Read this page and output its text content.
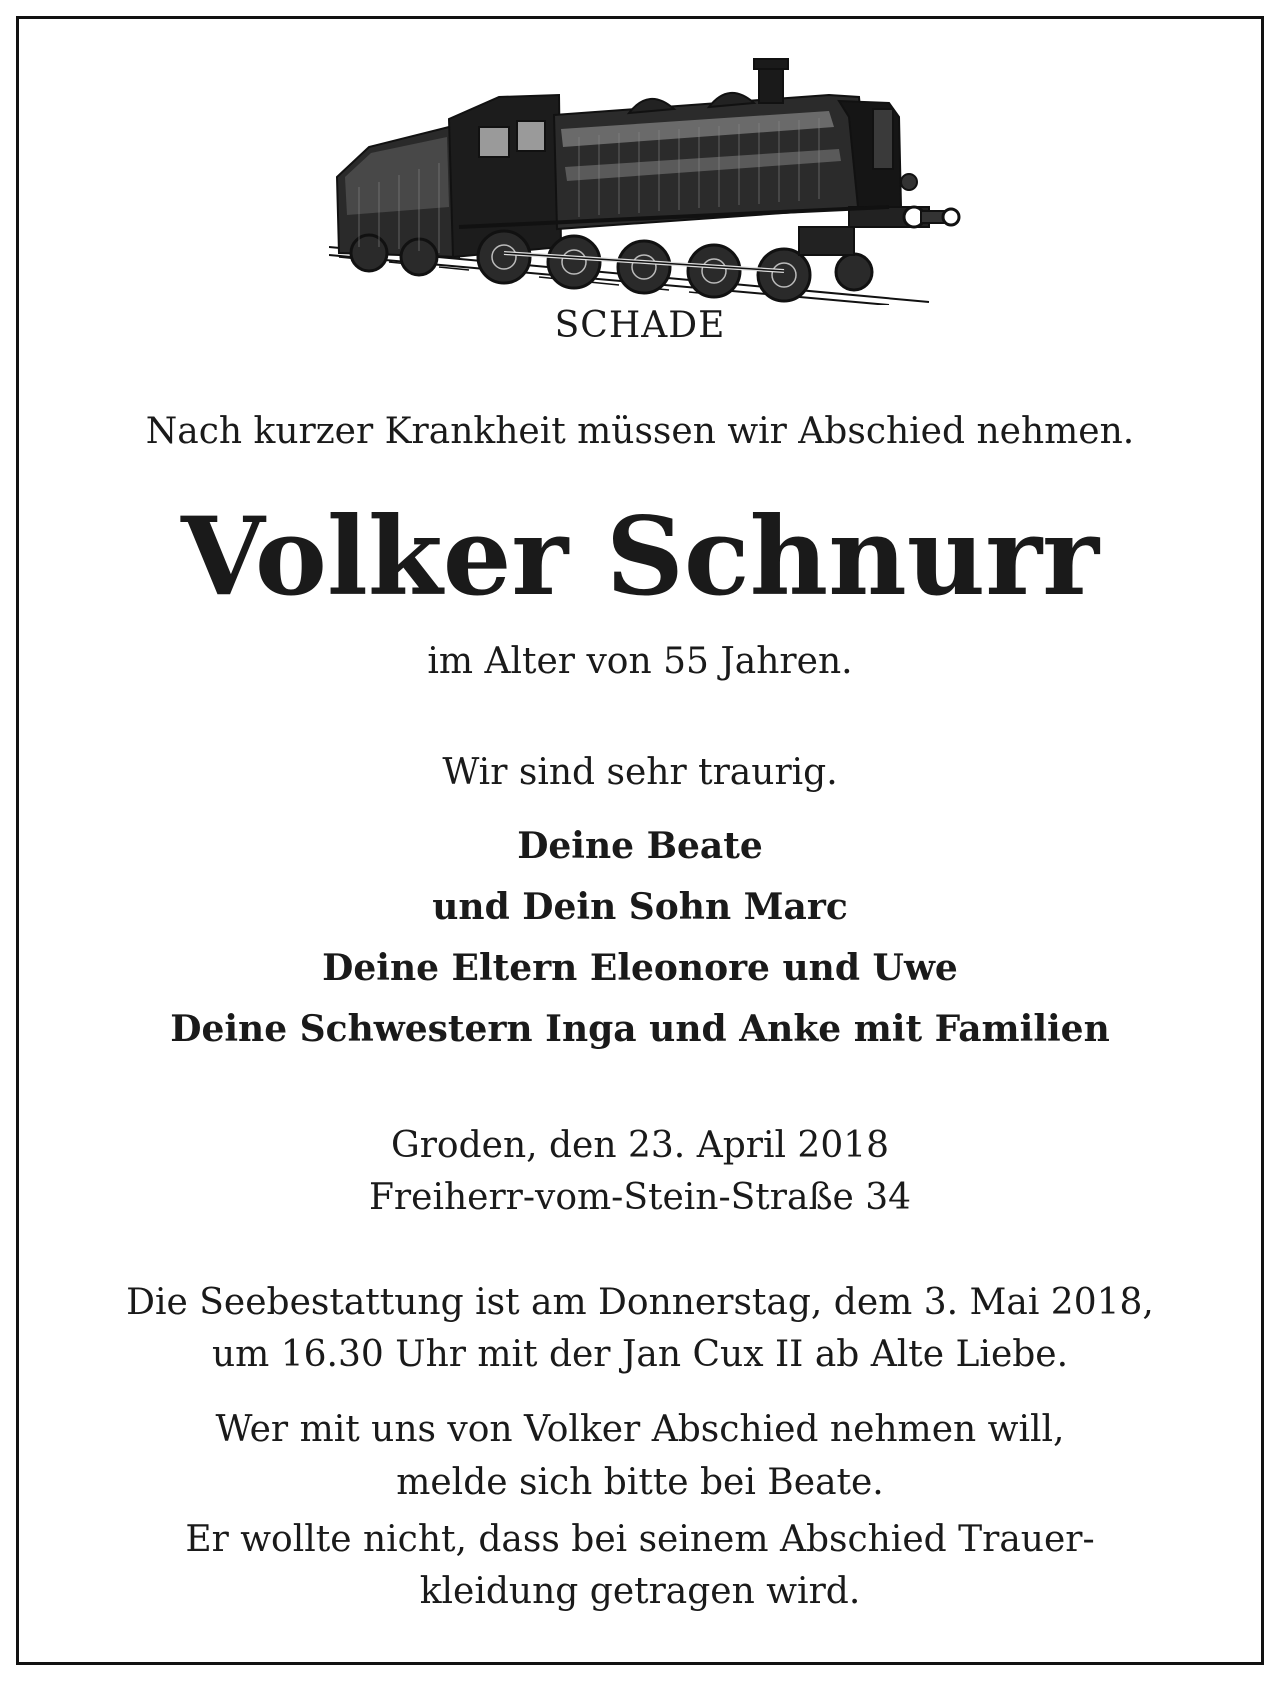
SCHADE
Nach kurzer Krankheit müssen wir Abschied nehmen.
Volker Schnurr
im Alter von 55 Jahren.
Wir sind sehr traurig.
Deine Beate
und Dein Sohn Marc
Deine Eltern Eleonore und Uwe
Deine Schwestern Inga und Anke mit Familien
Groden, den 23. April 2018
Freiherr-vom-Stein-Straße 34
Die Seebestattung ist am Donnerstag, dem 3. Mai 2018,
um 16.30 Uhr mit der Jan Cux II ab Alte Liebe.
Wer mit uns von Volker Abschied nehmen will,
melde sich bitte bei Beate.
Er wollte nicht, dass bei seinem Abschied Trauer-
kleidung getragen wird.
